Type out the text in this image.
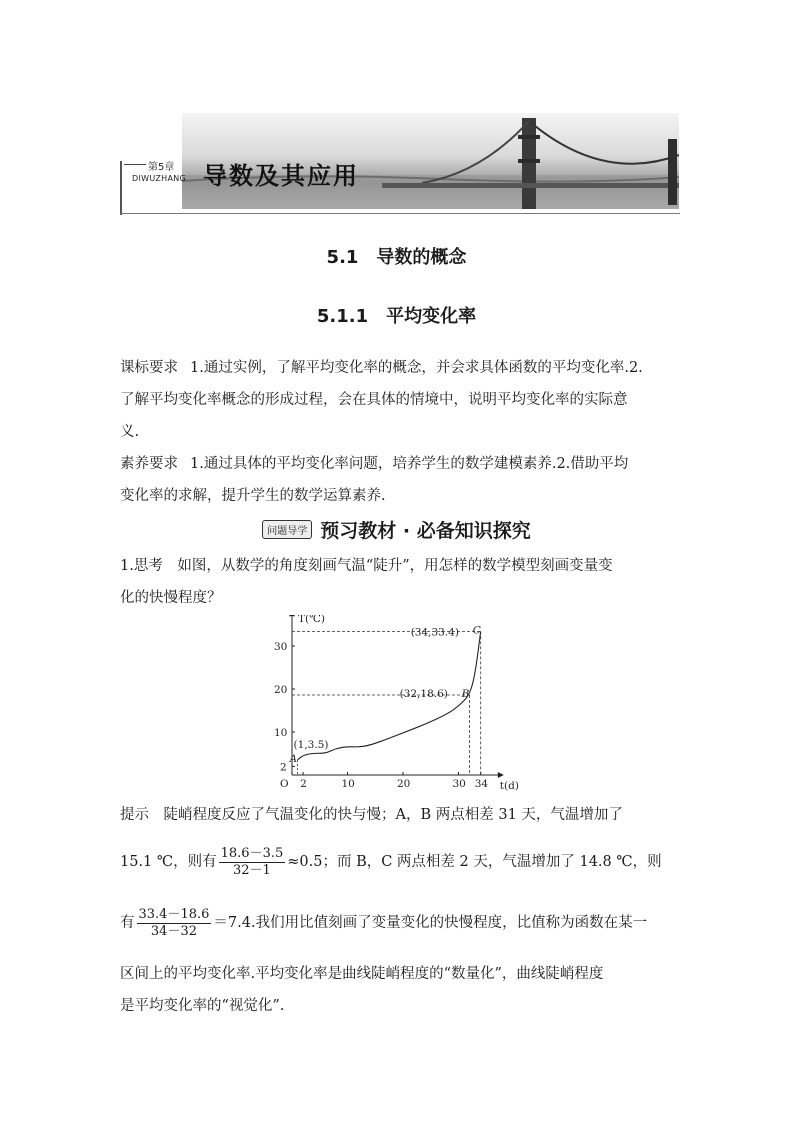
第5章
DIWUZHANG 导数及其应用
5.1　导数的概念
5.1.1　平均变化率
课标要求 1.通过实例，了解平均变化率的概念，并会求具体函数的平均变化率.2.
了解平均变化率概念的形成过程，会在具体的情境中，说明平均变化率的实际意
义.
素养要求 1.通过具体的平均变化率问题，培养学生的数学建模素养.2.借助平均
变化率的求解，提升学生的数学运算素养.
问题导学 预习教材 · 必备知识探究
1.思考　如图，从数学的角度刻画气温“陡升”，用怎样的数学模型刻画变量变
化的快慢程度？
T(℃)
t(d)
O 2	10	20	30 34
2
10
20
30
(1,3.5)
A
(32,18.6) B
(34,33.4) C
提示　陡峭程度反应了气温变化的快与慢；A，B 两点相差 31 天，气温增加了
15.1 ℃，则有 $\frac{18.6-3.5}{32-1} \approx 0.5$；而 B，C 两点相差 2 天，气温增加了 14.8 ℃，则
有 $\frac{33.4-18.6}{34-32} =7.4$.我们用比值刻画了变量变化的快慢程度，比值称为函数在某一
区间上的平均变化率.平均变化率是曲线陡峭程度的“数量化”，曲线陡峭程度
是平均变化率的“视觉化”.
